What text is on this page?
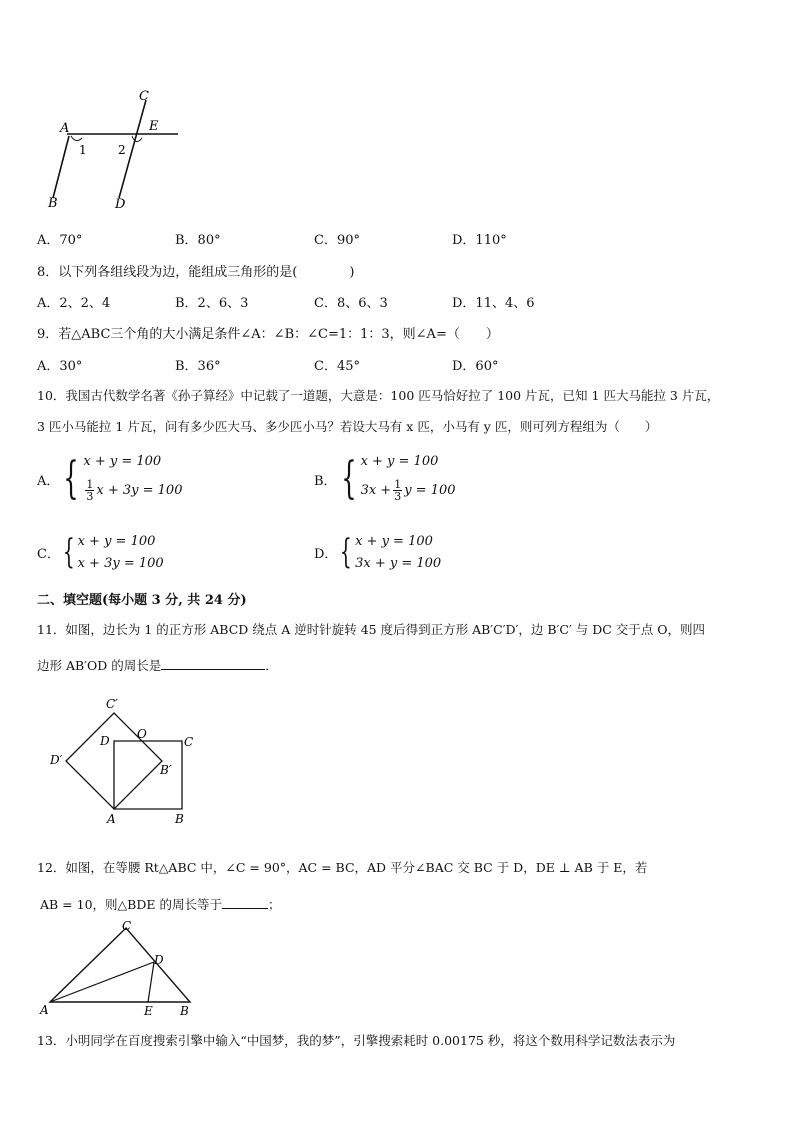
C
E
A
1	2
B	D
A．70°	B．80°	C．90°	D．110°
8．以下列各组线段为边，能组成三角形的是(　　　　)
A．2、2、4	B．2、6、3	C．8、6、3	D．11、4、6
9．若△ABC三个角的大小满足条件∠A：∠B：∠C=1：1：3，则∠A=（　　）
A．30°	B．36°	C．45°	D．60°
10．我国古代数学名著《孙子算经》中记载了一道题，大意是：100 匹马恰好拉了 100 片瓦，已知 1 匹大马能拉 3 片瓦，
3 匹小马能拉 1 片瓦，问有多少匹大马、多少匹小马？若设大马有 x 匹，小马有 y 匹，则可列方程组为（　　）
A． { x + y = 100
$\frac{1}{3}$ x + 3y = 100
B． { x + y = 100
$3x + \frac{1}{3}$ y = 100
C． { x + y = 100
x + 3y = 100
D． { x + y = 100
3x + y = 100
二、填空题(每小题 3 分, 共 24 分)
11．如图，边长为 1 的正方形 ABCD 绕点 A 逆时针旋转 45 度后得到正方形 AB′C′D′，边 B′C′ 与 DC 交于点 O，则四
边形 AB′OD 的周长是	．
C′
O
D	C
D′
B′
A	B
12．如图，在等腰 Rt△ABC 中，∠C = 90°，AC = BC，AD 平分∠BAC 交 BC 于 D，DE ⊥ AB 于 E，若
AB = 10，则△BDE 的周长等于	；
C
D
A	E B
13．小明同学在百度搜索引擎中输入“中国梦，我的梦”，引擎搜索耗时 0.00175 秒，将这个数用科学记数法表示为
